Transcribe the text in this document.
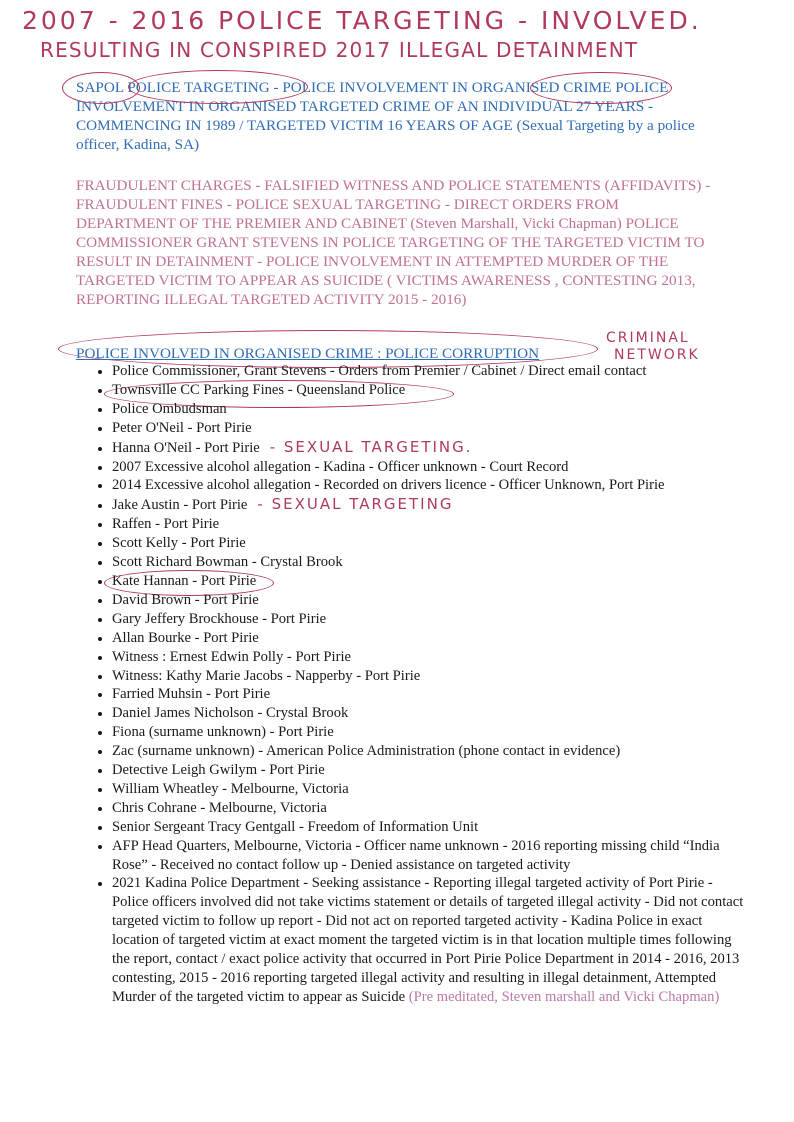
2007 - 2016 POLICE TARGETING - INVOLVED.
RESULTING IN CONSPIRED 2017 ILLEGAL DETAINMENT
SAPOL POLICE TARGETING - POLICE INVOLVEMENT IN ORGANISED CRIME POLICE INVOLVEMENT IN ORGANISED TARGETED CRIME OF AN INDIVIDUAL 27 YEARS - COMMENCING IN 1989 / TARGETED VICTIM 16 YEARS OF AGE (Sexual Targeting by a police officer, Kadina, SA)
FRAUDULENT CHARGES - FALSIFIED WITNESS AND POLICE STATEMENTS (AFFIDAVITS) - FRAUDULENT FINES - POLICE SEXUAL TARGETING - DIRECT ORDERS FROM DEPARTMENT OF THE PREMIER AND CABINET (Steven Marshall, Vicki Chapman) POLICE COMMISSIONER GRANT STEVENS IN POLICE TARGETING OF THE TARGETED VICTIM TO RESULT IN DETAINMENT - POLICE INVOLVEMENT IN ATTEMPTED MURDER OF THE TARGETED VICTIM TO APPEAR AS SUICIDE ( VICTIMS AWARENESS , CONTESTING 2013, REPORTING ILLEGAL TARGETED ACTIVITY 2015 - 2016)
CRIMINAL
NETWORK
POLICE INVOLVED IN ORGANISED CRIME : POLICE CORRUPTION
• Police Commissioner, Grant Stevens - Orders from Premier / Cabinet / Direct email contact
• Townsville CC Parking Fines - Queensland Police
• Police Ombudsman
• Peter O'Neil - Port Pirie
• Hanna O'Neil - Port Pirie - SEXUAL TARGETING.
• 2007 Excessive alcohol allegation - Kadina - Officer unknown - Court Record
• 2014 Excessive alcohol allegation - Recorded on drivers licence - Officer Unknown, Port Pirie
• Jake Austin - Port Pirie - SEXUAL TARGETING
• Raffen - Port Pirie
• Scott Kelly - Port Pirie
• Scott Richard Bowman - Crystal Brook
• Kate Hannan - Port Pirie
• David Brown - Port Pirie
• Gary Jeffery Brockhouse - Port Pirie
• Allan Bourke - Port Pirie
• Witness : Ernest Edwin Polly - Port Pirie
• Witness: Kathy Marie Jacobs - Napperby - Port Pirie
• Farried Muhsin - Port Pirie
• Daniel James Nicholson - Crystal Brook
• Fiona (surname unknown) - Port Pirie
• Zac (surname unknown) - American Police Administration (phone contact in evidence)
• Detective Leigh Gwilym - Port Pirie
• William Wheatley - Melbourne, Victoria
• Chris Cohrane - Melbourne, Victoria
• Senior Sergeant Tracy Gentgall - Freedom of Information Unit
• AFP Head Quarters, Melbourne, Victoria - Officer name unknown - 2016 reporting missing child “India Rose” - Received no contact follow up - Denied assistance on targeted activity
• 2021 Kadina Police Department - Seeking assistance - Reporting illegal targeted activity of Port Pirie - Police officers involved did not take victims statement or details of targeted illegal activity - Did not contact targeted victim to follow up report - Did not act on reported targeted activity - Kadina Police in exact location of targeted victim at exact moment the targeted victim is in that location multiple times following the report, contact / exact police activity that occurred in Port Pirie Police Department in 2014 - 2016, 2013 contesting, 2015 - 2016 reporting targeted illegal activity and resulting in illegal detainment, Attempted Murder of the targeted victim to appear as Suicide (Pre meditated, Steven marshall and Vicki Chapman)
